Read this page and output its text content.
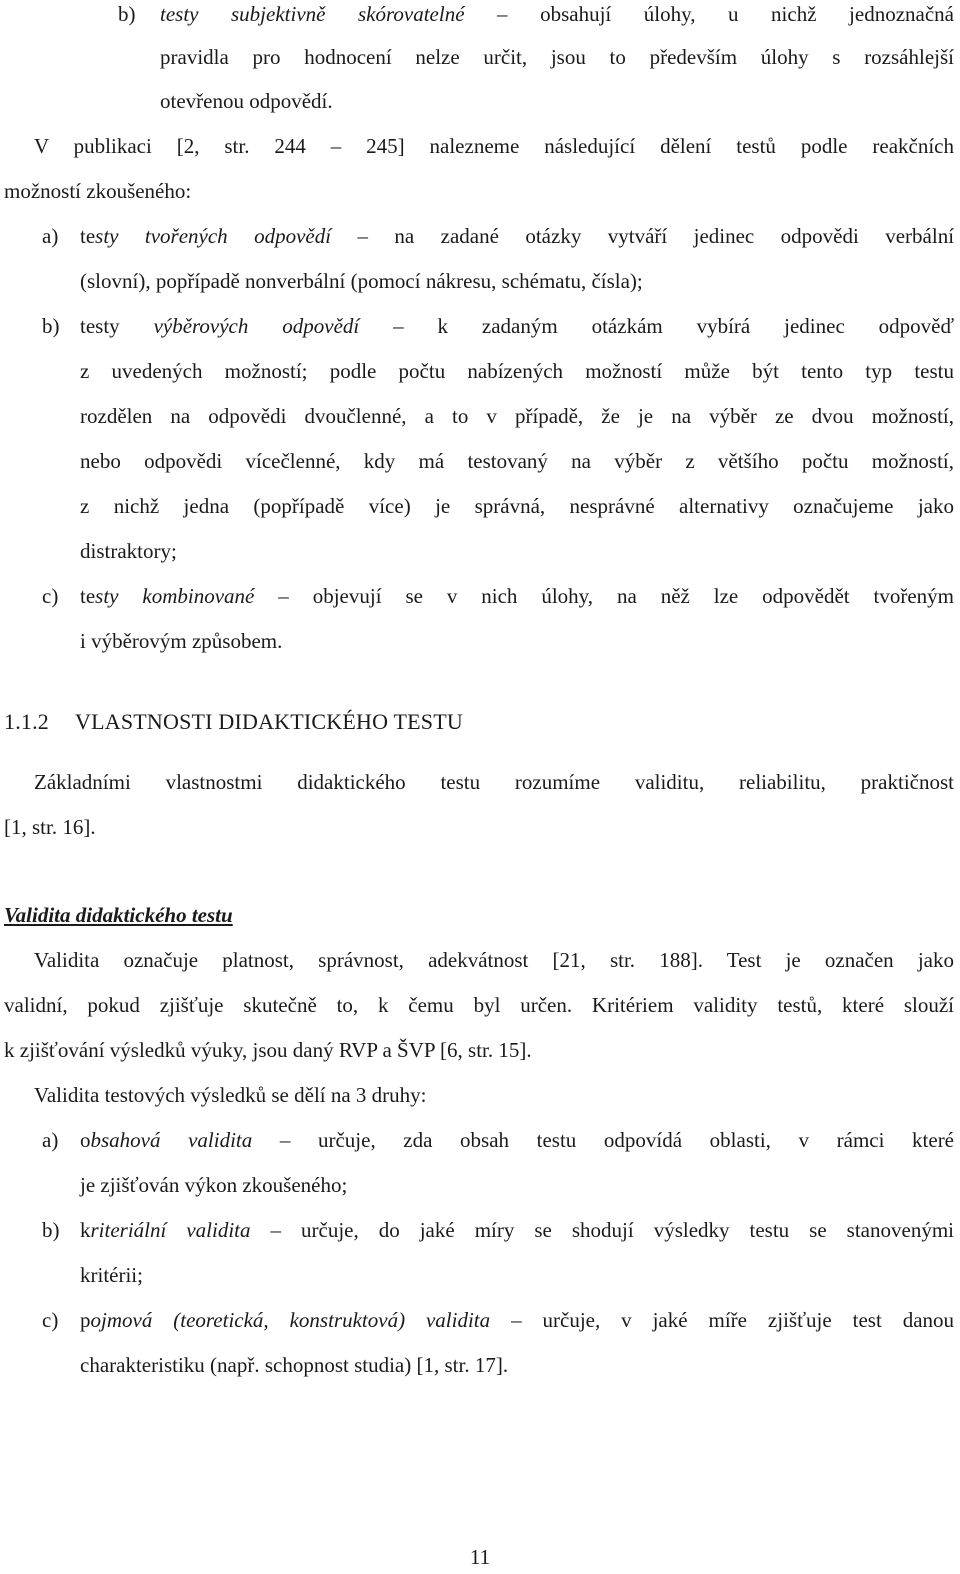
b) testy subjektivně skórovatelné – obsahují úlohy, u nichž jednoznačná
pravidla pro hodnocení nelze určit, jsou to především úlohy s rozsáhlejší
otevřenou odpovědí.
V publikaci [2, str. 244 – 245] nalezneme následující dělení testů podle reakčních
možností zkoušeného:
a) testy tvořených odpovědí – na zadané otázky vytváří jedinec odpovědi verbální
(slovní), popřípadě nonverbální (pomocí nákresu, schématu, čísla);
b) testy výběrových odpovědí – k zadaným otázkám vybírá jedinec odpověď
z uvedených možností; podle počtu nabízených možností může být tento typ testu
rozdělen na odpovědi dvoučlenné, a to v případě, že je na výběr ze dvou možností,
nebo odpovědi vícečlenné, kdy má testovaný na výběr z většího počtu možností,
z nichž jedna (popřípadě více) je správná, nesprávné alternativy označujeme jako
distraktory;
c) testy kombinované – objevují se v nich úlohy, na něž lze odpovědět tvořeným
i výběrovým způsobem.
1.1.2 VLASTNOSTI DIDAKTICKÉHO TESTU
Základními vlastnostmi didaktického testu rozumíme validitu, reliabilitu, praktičnost
[1, str. 16].
Validita didaktického testu
Validita označuje platnost, správnost, adekvátnost [21, str. 188]. Test je označen jako
validní, pokud zjišťuje skutečně to, k čemu byl určen. Kritériem validity testů, které slouží
k zjišťování výsledků výuky, jsou daný RVP a ŠVP [6, str. 15].
Validita testových výsledků se dělí na 3 druhy:
a) obsahová validita – určuje, zda obsah testu odpovídá oblasti, v rámci které
je zjišťován výkon zkoušeného;
b) kriteriální validita – určuje, do jaké míry se shodují výsledky testu se stanovenými
kritérii;
c) pojmová (teoretická, konstruktová) validita – určuje, v jaké míře zjišťuje test danou
charakteristiku (např. schopnost studia) [1, str. 17].
11
